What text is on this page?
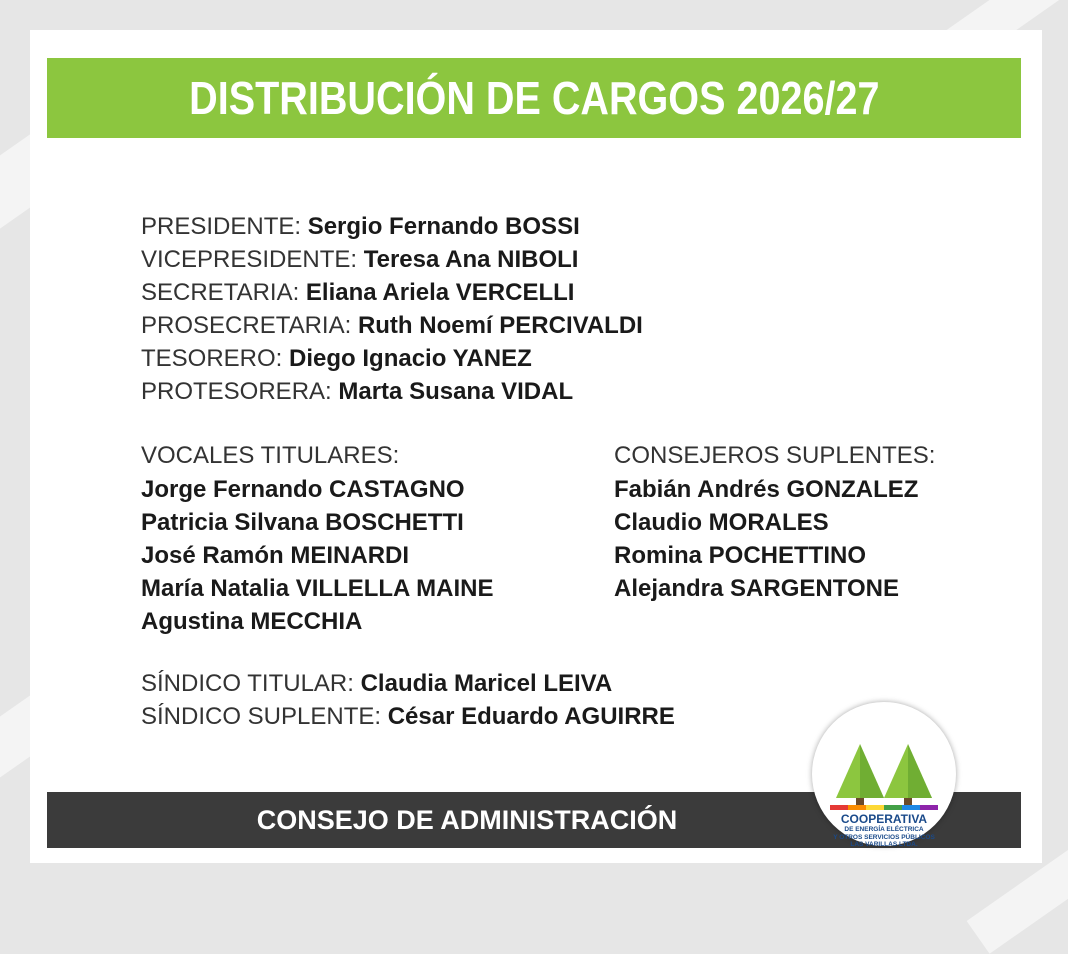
DISTRIBUCIÓN DE CARGOS 2026/27
PRESIDENTE: Sergio Fernando BOSSI
VICEPRESIDENTE: Teresa Ana NIBOLI
SECRETARIA: Eliana Ariela VERCELLI
PROSECRETARIA: Ruth Noemí PERCIVALDI
TESORERO: Diego Ignacio YANEZ
PROTESORERA: Marta Susana VIDAL
VOCALES TITULARES:
Jorge Fernando CASTAGNO
Patricia Silvana BOSCHETTI
José Ramón MEINARDI
María Natalia VILLELLA MAINE
Agustina MECCHIA
CONSEJEROS SUPLENTES:
Fabián Andrés GONZALEZ
Claudio MORALES
Romina POCHETTINO
Alejandra SARGENTONE
SÍNDICO TITULAR: Claudia Maricel LEIVA
SÍNDICO SUPLENTE: César Eduardo AGUIRRE
CONSEJO DE ADMINISTRACIÓN	COOPERATIVA
DE ENERGÍA ELÉCTRICA
Y OTROS SERVICIOS PÚBLICOS
LAS VARILLAS LTDA.
